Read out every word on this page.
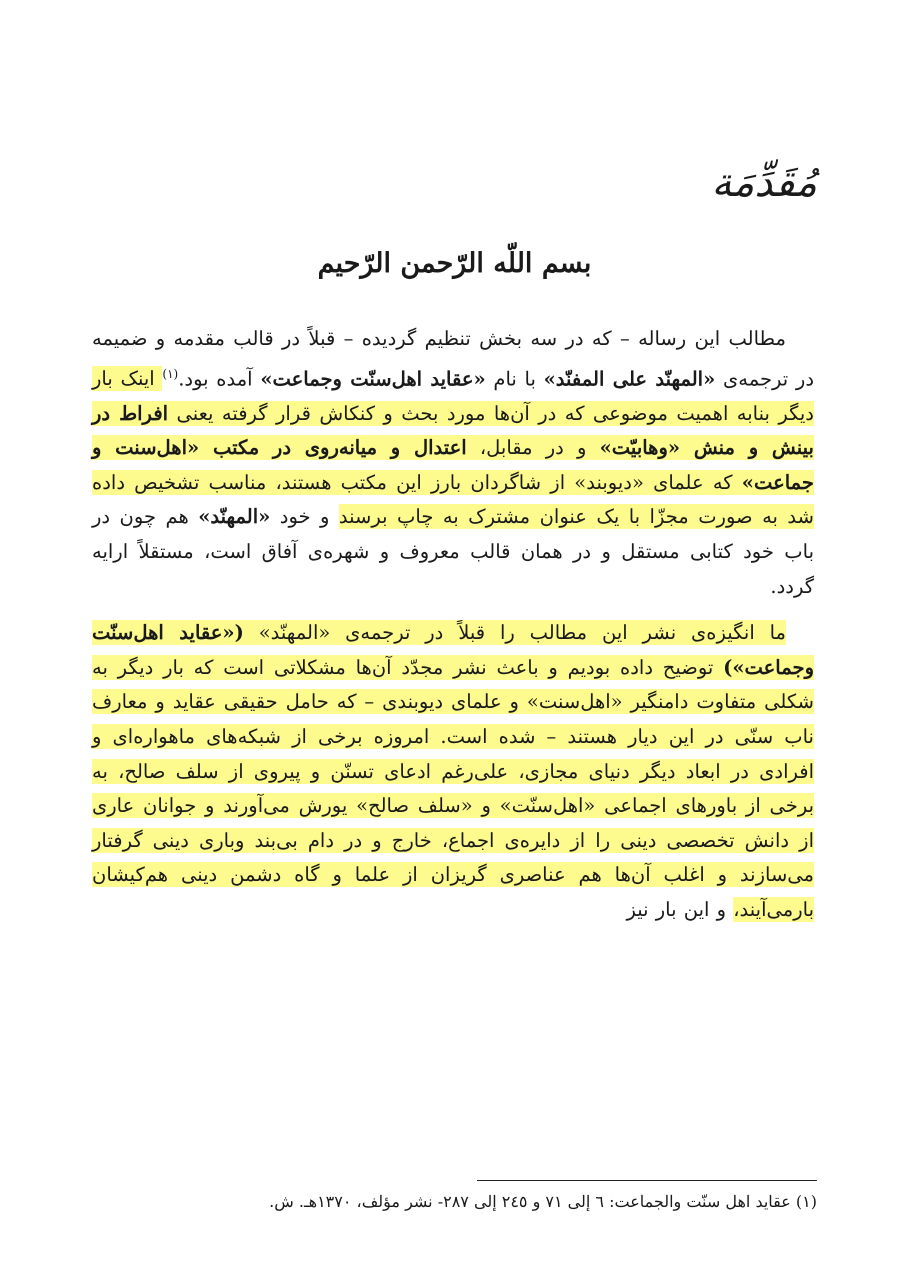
مُقَدِّمَة
بسم اللّه الرّحمن الرّحيم

مطالب این رساله – که در سه بخش تنظیم گردیده – قبلاً در قالب مقدمه و ضمیمه در ترجمه‌ی «المهنّد علی المفنّد» با نام «عقاید اهل‌سنّت وجماعت» آمده بود.$^{(۱)}$ اینک بار دیگر بنابه اهمیت موضوعی که در آن‌ها مورد بحث و کنکاش قرار گرفته یعنی افراط در بینش و منش «وهابیّت» و در مقابل، اعتدال و میانه‌روی در مکتب «اهل‌سنت و جماعت» که علمای «دیوبند» از شاگردان بارز این مکتب هستند، مناسب تشخیص داده شد به صورت مجزّا با یک عنوان مشترک به چاپ برسند و خود «المهنّد» هم چون در باب خود کتابی مستقل و در همان قالب معروف و شهره‌ی آفاق است، مستقلاً ارایه گردد.

ما انگیزه‌ی نشر این مطالب را قبلاً در ترجمه‌ی «المهنّد» («عقاید اهل‌سنّت وجماعت») توضیح داده بودیم و باعث نشر مجدّد آن‌ها مشکلاتی است که بار دیگر به شکلی متفاوت دامنگیر «اهل‌سنت» و علمای دیوبندی – که حامل حقیقی عقاید و معارف ناب سنّی در این دیار هستند – شده است. امروزه برخی از شبکه‌های ماهواره‌ای و افرادی در ابعاد دیگر دنیای مجازی، علی‌رغم ادعای تسنّن و پیروی از سلف صالح، به برخی از باورهای اجماعی «اهل‌سنّت» و «سلف صالح» یورش می‌آورند و جوانان عاری از دانش تخصصی دینی را از دایره‌ی اجماع، خارج و در دام بی‌بند وباری دینی گرفتار می‌سازند و اغلب آن‌ها هم عناصری گریزان از علما و گاه دشمن دینی هم‌کیشان بارمی‌آیند، و این بار نیز

(۱) عقاید اهل سنّت والجماعت: ٦ إلی ٧١ و ٢٤٥ إلی ٢٨٧- نشر مؤلف، ١٣٧٠هـ. ش.
